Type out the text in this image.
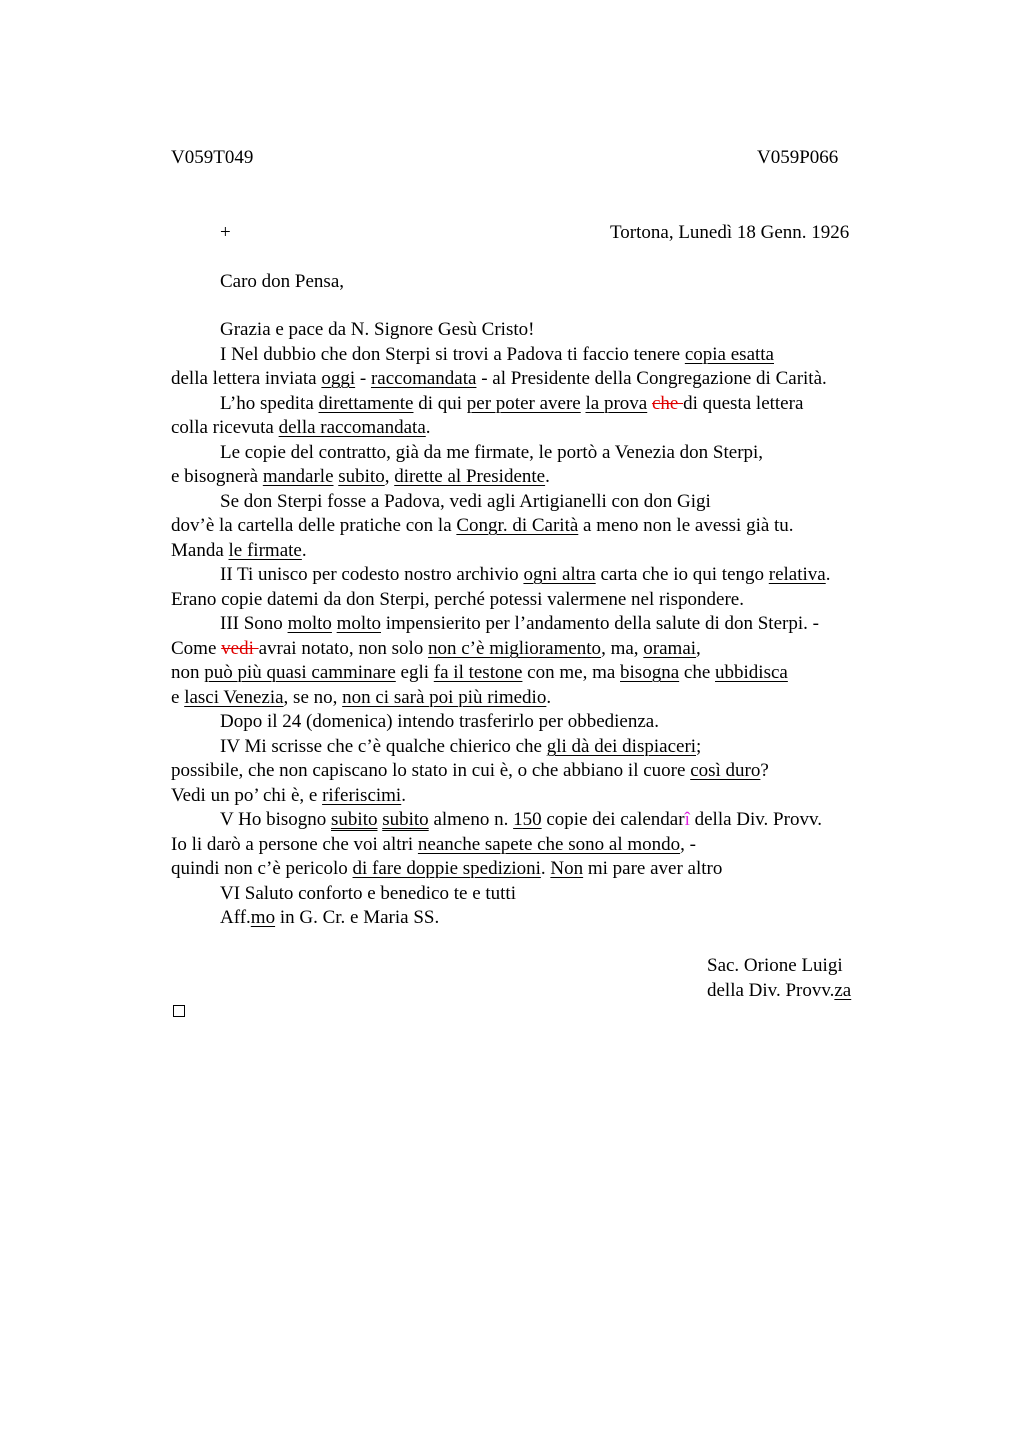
V059T049	V059P066
+	Tortona, Lunedì 18 Genn. 1926
Caro don Pensa,
Grazia e pace da N. Signore Gesù Cristo!
I Nel dubbio che don Sterpi si trovi a Padova ti faccio tenere copia esatta
della lettera inviata oggi - raccomandata - al Presidente della Congregazione di Carità.
L’ho spedita direttamente di qui per poter avere la prova che di questa lettera
colla ricevuta della raccomandata.
Le copie del contratto, già da me firmate, le portò a Venezia don Sterpi,
e bisognerà mandarle subito, dirette al Presidente.
Se don Sterpi fosse a Padova, vedi agli Artigianelli con don Gigi
dov’è la cartella delle pratiche con la Congr. di Carità a meno non le avessi già tu.
Manda le firmate.
II Ti unisco per codesto nostro archivio ogni altra carta che io qui tengo relativa.
Erano copie datemi da don Sterpi, perché potessi valermene nel rispondere.
III Sono molto molto impensierito per l’andamento della salute di don Sterpi. -
Come vedi avrai notato, non solo non c’è miglioramento, ma, oramai,
non può più quasi camminare egli fa il testone con me, ma bisogna che ubbidisca
e lasci Venezia, se no, non ci sarà poi più rimedio.
Dopo il 24 (domenica) intendo trasferirlo per obbedienza.
IV Mi scrisse che c’è qualche chierico che gli dà dei dispiaceri;
possibile, che non capiscano lo stato in cui è, o che abbiano il cuore così duro?
Vedi un po’ chi è, e riferiscimi.
V Ho bisogno subito subito almeno n. 150 copie dei calendarî della Div. Provv.
Io li darò a persone che voi altri neanche sapete che sono al mondo, -
quindi non c’è pericolo di fare doppie spedizioni. Non mi pare aver altro
VI Saluto conforto e benedico te e tutti
Aff.mo in G. Cr. e Maria SS.
Sac. Orione Luigi
della Div. Provv.za
